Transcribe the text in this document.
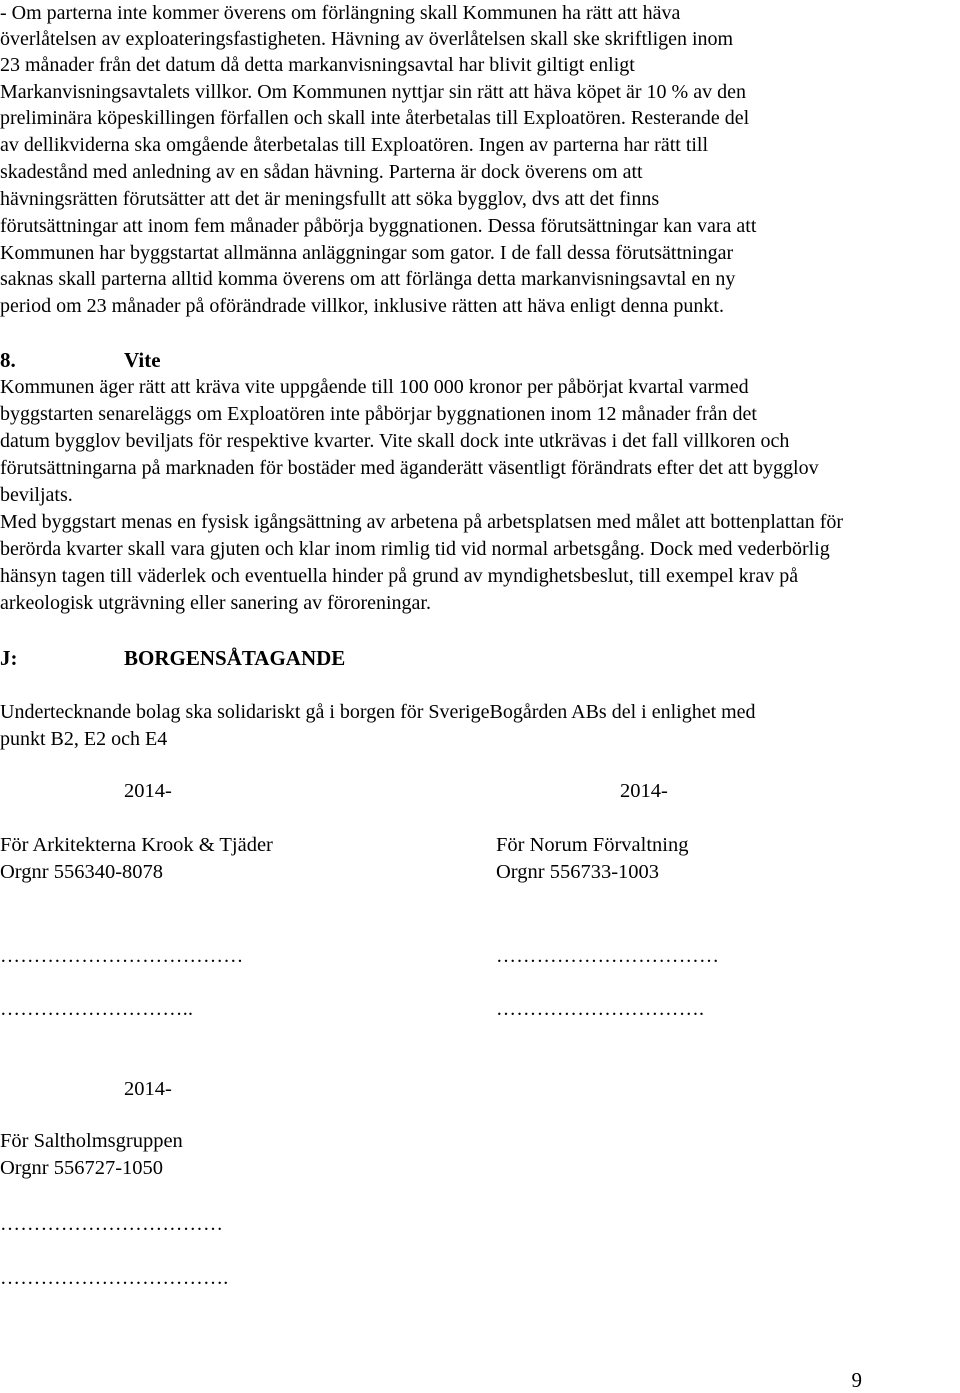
- Om parterna inte kommer överens om förlängning skall Kommunen ha rätt att häva
överlåtelsen av exploateringsfastigheten. Hävning av överlåtelsen skall ske skriftligen inom
23 månader från det datum då detta markanvisningsavtal har blivit giltigt enligt
Markanvisningsavtalets villkor. Om Kommunen nyttjar sin rätt att häva köpet är 10 % av den
preliminära köpeskillingen förfallen och skall inte återbetalas till Exploatören. Resterande del
av dellikviderna ska omgående återbetalas till Exploatören. Ingen av parterna har rätt till
skadestånd med anledning av en sådan hävning. Parterna är dock överens om att
hävningsrätten förutsätter att det är meningsfullt att söka bygglov, dvs att det finns
förutsättningar att inom fem månader påbörja byggnationen. Dessa förutsättningar kan vara att
Kommunen har byggstartat allmänna anläggningar som gator. I de fall dessa förutsättningar
saknas skall parterna alltid komma överens om att förlänga detta markanvisningsavtal en ny
period om 23 månader på oförändrade villkor, inklusive rätten att häva enligt denna punkt.
8.	Vite
Kommunen äger rätt att kräva vite uppgående till 100 000 kronor per påbörjat kvartal varmed
byggstarten senareläggs om Exploatören inte påbörjar byggnationen inom 12 månader från det
datum bygglov beviljats för respektive kvarter. Vite skall dock inte utkrävas i det fall villkoren och
förutsättningarna på marknaden för bostäder med äganderätt väsentligt förändrats efter det att bygglov
beviljats.
Med byggstart menas en fysisk igångsättning av arbetena på arbetsplatsen med målet att bottenplattan för
berörda kvarter skall vara gjuten och klar inom rimlig tid vid normal arbetsgång. Dock med vederbörlig
hänsyn tagen till väderlek och eventuella hinder på grund av myndighetsbeslut, till exempel krav på
arkeologisk utgrävning eller sanering av föroreningar.
J:	BORGENSÅTAGANDE
Undertecknande bolag ska solidariskt gå i borgen för SverigeBogården ABs del i enlighet med
punkt B2, E2 och E4
2014-
För Arkitekterna Krook & Tjäder
Orgnr 556340-8078
………………………………
………………………..
2014-
För Norum Förvaltning
Orgnr 556733-1003
……………………………
………………………….
2014-
För Saltholmsgruppen
Orgnr 556727-1050
……………………………
…………………………….
9
